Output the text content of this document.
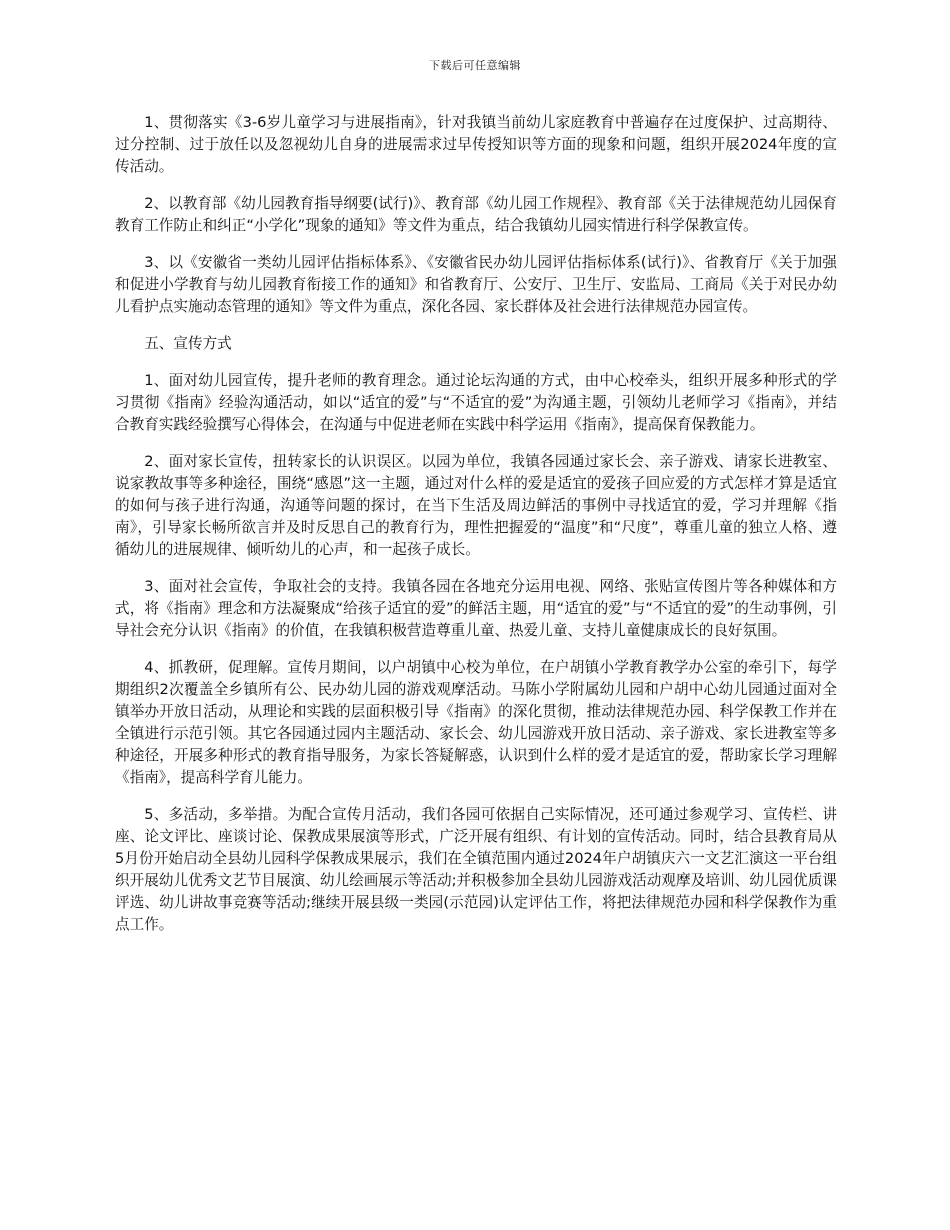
下载后可任意编辑

1、贯彻落实《3-6岁儿童学习与进展指南》，针对我镇当前幼儿家庭教育中普遍存在过度保护、过高期待、过分控制、过于放任以及忽视幼儿自身的进展需求过早传授知识等方面的现象和问题，组织开展2024年度的宣传活动。

2、以教育部《幼儿园教育指导纲要(试行)》、教育部《幼儿园工作规程》、教育部《关于法律规范幼儿园保育教育工作防止和纠正“小学化”现象的通知》等文件为重点，结合我镇幼儿园实情进行科学保教宣传。

3、以《安徽省一类幼儿园评估指标体系》、《安徽省民办幼儿园评估指标体系(试行)》、省教育厅《关于加强和促进小学教育与幼儿园教育衔接工作的通知》和省教育厅、公安厅、卫生厅、安监局、工商局《关于对民办幼儿看护点实施动态管理的通知》等文件为重点，深化各园、家长群体及社会进行法律规范办园宣传。

五、宣传方式

1、面对幼儿园宣传，提升老师的教育理念。通过论坛沟通的方式，由中心校牵头，组织开展多种形式的学习贯彻《指南》经验沟通活动，如以“适宜的爱”与“不适宜的爱”为沟通主题，引领幼儿老师学习《指南》，并结合教育实践经验撰写心得体会，在沟通与中促进老师在实践中科学运用《指南》，提高保育保教能力。

2、面对家长宣传，扭转家长的认识误区。以园为单位，我镇各园通过家长会、亲子游戏、请家长进教室、说家教故事等多种途径，围绕“感恩”这一主题，通过对什么样的爱是适宜的爱孩子回应爱的方式怎样才算是适宜的如何与孩子进行沟通，沟通等问题的探讨，在当下生活及周边鲜活的事例中寻找适宜的爱，学习并理解《指南》，引导家长畅所欲言并及时反思自己的教育行为，理性把握爱的“温度”和“尺度”，尊重儿童的独立人格、遵循幼儿的进展规律、倾听幼儿的心声，和一起孩子成长。

3、面对社会宣传，争取社会的支持。我镇各园在各地充分运用电视、网络、张贴宣传图片等各种媒体和方式，将《指南》理念和方法凝聚成“给孩子适宜的爱”的鲜活主题，用“适宜的爱”与“不适宜的爱”的生动事例，引导社会充分认识《指南》的价值，在我镇积极营造尊重儿童、热爱儿童、支持儿童健康成长的良好氛围。

4、抓教研，促理解。宣传月期间，以户胡镇中心校为单位，在户胡镇小学教育教学办公室的牵引下，每学期组织2次覆盖全乡镇所有公、民办幼儿园的游戏观摩活动。马陈小学附属幼儿园和户胡中心幼儿园通过面对全镇举办开放日活动，从理论和实践的层面积极引导《指南》的深化贯彻，推动法律规范办园、科学保教工作并在全镇进行示范引领。其它各园通过园内主题活动、家长会、幼儿园游戏开放日活动、亲子游戏、家长进教室等多种途径，开展多种形式的教育指导服务，为家长答疑解惑，认识到什么样的爱才是适宜的爱，帮助家长学习理解《指南》，提高科学育儿能力。

5、多活动，多举措。为配合宣传月活动，我们各园可依据自己实际情况，还可通过参观学习、宣传栏、讲座、论文评比、座谈讨论、保教成果展演等形式，广泛开展有组织、有计划的宣传活动。同时，结合县教育局从5月份开始启动全县幼儿园科学保教成果展示，我们在全镇范围内通过2024年户胡镇庆六一文艺汇演这一平台组织开展幼儿优秀文艺节目展演、幼儿绘画展示等活动;并积极参加全县幼儿园游戏活动观摩及培训、幼儿园优质课评选、幼儿讲故事竞赛等活动;继续开展县级一类园(示范园)认定评估工作，将把法律规范办园和科学保教作为重点工作。
